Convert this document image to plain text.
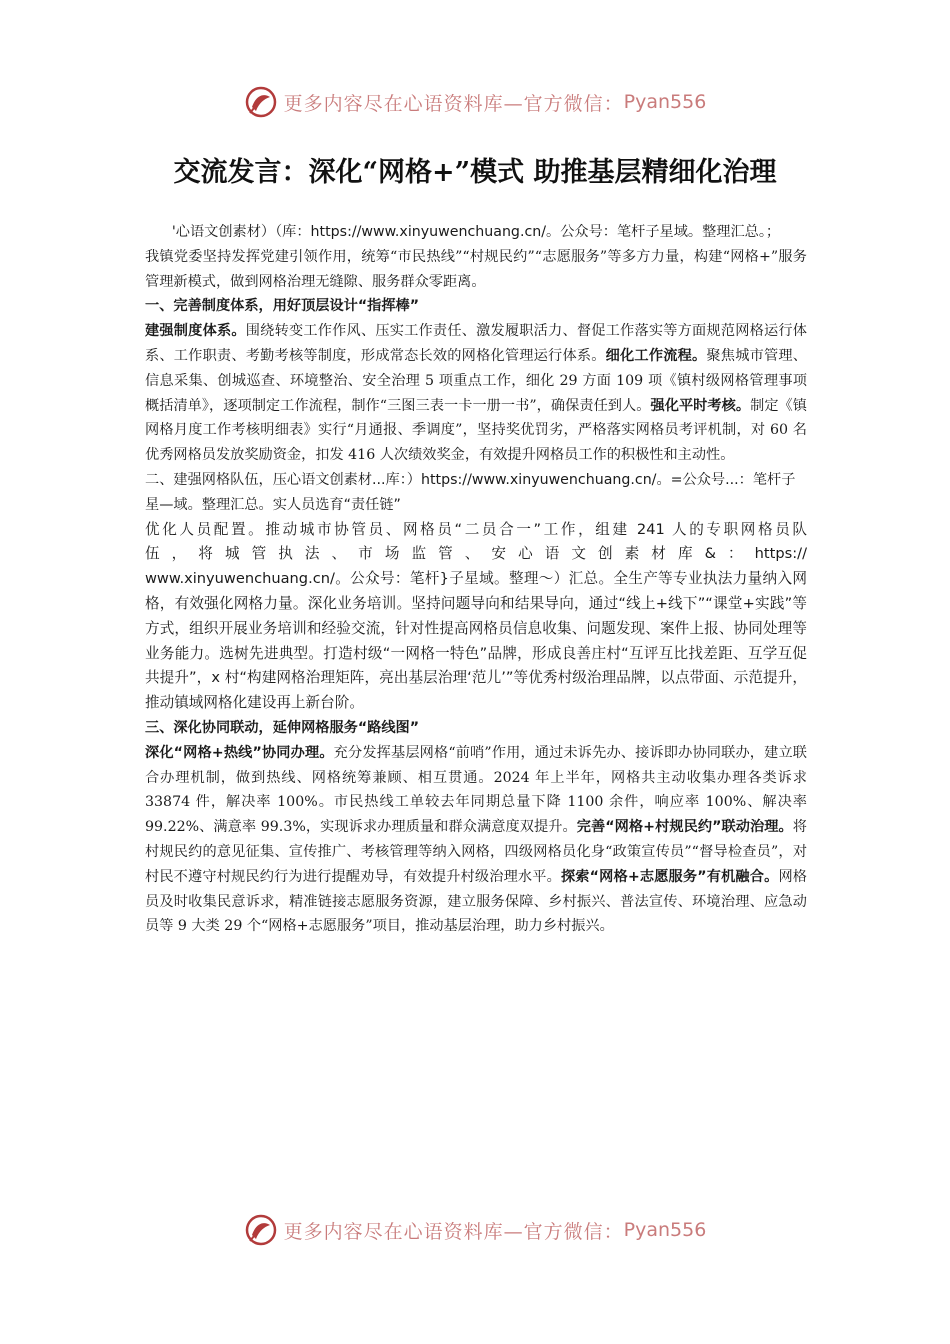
更多内容尽在心语资料库—官方微信： Pyan556
交流发言：深化“网格+”模式 助推基层精细化治理
'心语文创素材）（库：https://www.xinyuwenchuang.cn/。公众号：笔杆子星域。整理汇总。；

我镇党委坚持发挥党建引领作用，统筹“市民热线”“村规民约”“志愿服务”等多方力量，构建“网格+”服务管理新模式，做到网格治理无缝隙、服务群众零距离。

一、完善制度体系，用好顶层设计“指挥棒”

建强制度体系。围绕转变工作作风、压实工作责任、激发履职活力、督促工作落实等方面规范网格运行体系、工作职责、考勤考核等制度，形成常态长效的网格化管理运行体系。细化工作流程。聚焦城市管理、信息采集、创城巡查、环境整治、安全治理 5 项重点工作，细化 29 方面 109 项《镇村级网格管理事项概括清单》，逐项制定工作流程，制作“三图三表一卡一册一书”，确保责任到人。强化平时考核。制定《镇网格月度工作考核明细表》实行“月通报、季调度”，坚持奖优罚劣，严格落实网格员考评机制，对 60 名优秀网格员发放奖励资金，扣发 416 人次绩效奖金，有效提升网格员工作的积极性和主动性。

二、建强网格队伍，压心语文创素材...库：）https://www.xinyuwenchuang.cn/。=公众号...：笔杆子星—域。整理汇总。实人员选育“责任链”

优化人员配置。推动城市协管员、网格员“二员合一”工作，组建 241 人的专职网格员队
伍，将城管执法、市场监管、安心语文创素材库&：https://
www.xinyuwenchuang.cn/。公众号：笔杆}子星域。整理～）汇总。全生产等专业执法力量纳入网格，有效强化网格力量。深化业务培训。坚持问题导向和结果导向，通过“线上+线下”“课堂+实践”等方式，组织开展业务培训和经验交流，针对性提高网格员信息收集、问题发现、案件上报、协同处理等业务能力。选树先进典型。打造村级“一网格一特色”品牌，形成良善庄村“互评互比找差距、互学互促共提升”，x 村“构建网格治理矩阵，亮出基层治理‘范儿’”等优秀村级治理品牌，以点带面、示范提升，推动镇域网格化建设再上新台阶。

三、深化协同联动，延伸网格服务“路线图”

深化“网格+热线”协同办理。充分发挥基层网格“前哨”作用，通过未诉先办、接诉即办协同联办，建立联合办理机制，做到热线、网格统筹兼顾、相互贯通。2024 年上半年，网格共主动收集办理各类诉求 33874 件，解决率 100%。市民热线工单较去年同期总量下降 1100 余件，响应率 100%、解决率 99.22%、满意率 99.3%，实现诉求办理质量和群众满意度双提升。完善“网格+村规民约”联动治理。将村规民约的意见征集、宣传推广、考核管理等纳入网格，四级网格员化身“政策宣传员”“督导检查员”，对村民不遵守村规民约行为进行提醒劝导，有效提升村级治理水平。探索“网格+志愿服务”有机融合。网格员及时收集民意诉求，精准链接志愿服务资源，建立服务保障、乡村振兴、普法宣传、环境治理、应急动员等 9 大类 29 个“网格+志愿服务”项目，推动基层治理，助力乡村振兴。

更多内容尽在心语资料库—官方微信： Pyan556
